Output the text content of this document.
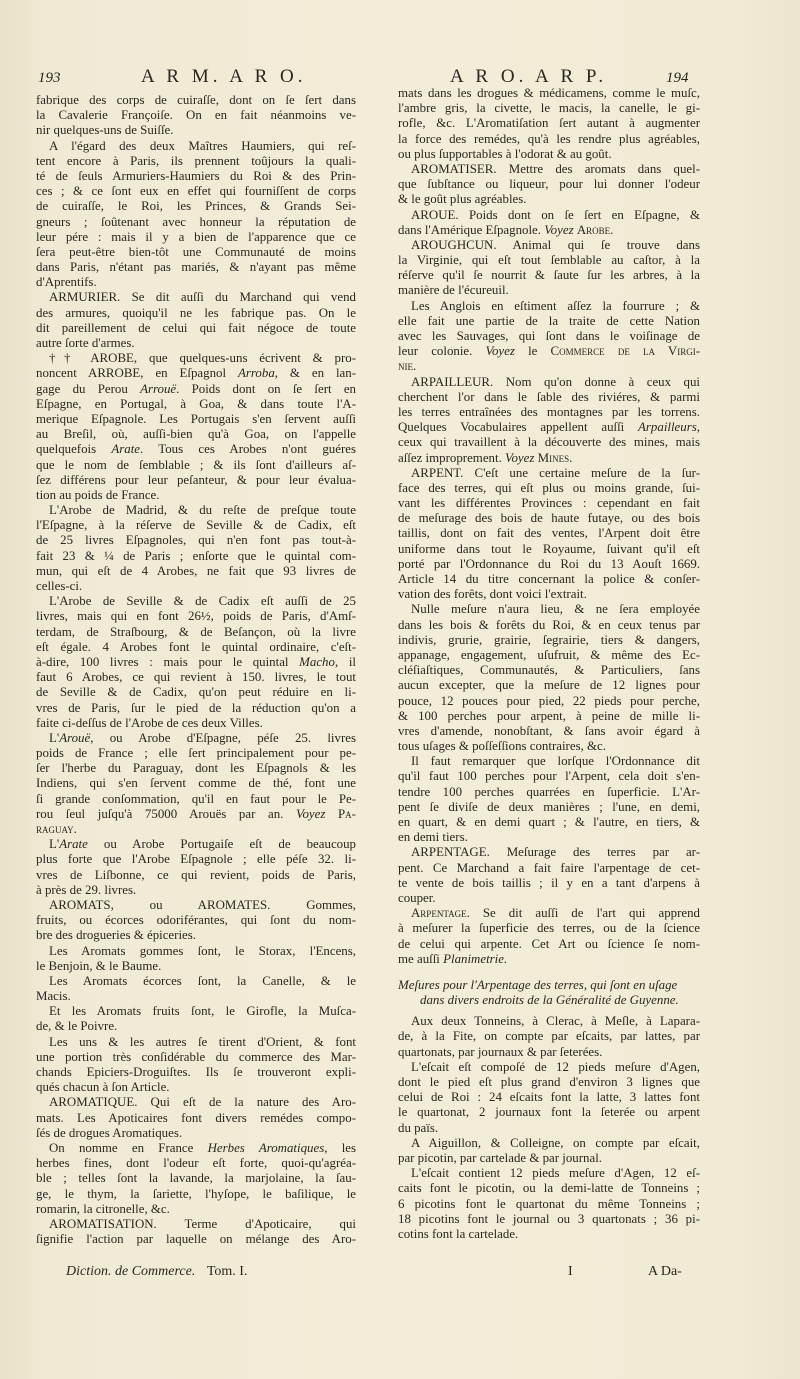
193	A R M. A R O.
fabrique des corps de cuiraſſe, dont on ſe ſert dans
la Cavalerie Françoiſe. On en fait néanmoins ve-
nir quelques-uns de Suiſſe.
A l'égard des deux Maîtres Haumiers, qui reſ-
tent encore à Paris, ils prennent toûjours la quali-
té de ſeuls Armuriers-Haumiers du Roi & des Prin-
ces ; & ce ſont eux en effet qui fourniſſent de corps
de cuiraſſe, le Roi, les Princes, & Grands Sei-
gneurs ; ſoûtenant avec honneur la réputation de
leur pére : mais il y a bien de l'apparence que ce
ſera peut-être bien-tôt une Communauté de moins
dans Paris, n'étant pas mariés, & n'ayant pas même
d'Aprentifs.
ARMURIER. Se dit auſſi du Marchand qui vend
des armures, quoiqu'il ne les fabrique pas. On le
dit pareillement de celui qui fait négoce de toute
autre ſorte d'armes.
†† AROBE, que quelques-uns écrivent & pro-
noncent ARROBE, en Eſpagnol Arroba, & en lan-
gage du Perou Arrouë. Poids dont on ſe ſert en
Eſpagne, en Portugal, à Goa, & dans toute l'A-
merique Eſpagnole. Les Portugais s'en ſervent auſſi
au Breſil, où, auſſi-bien qu'à Goa, on l'appelle
quelquefois Arate. Tous ces Arobes n'ont guéres
que le nom de ſemblable ; & ils ſont d'ailleurs aſ-
ſez différens pour leur peſanteur, & pour leur évalua-
tion au poids de France.
L'Arobe de Madrid, & du reſte de preſque toute
l'Eſpagne, à la réſerve de Seville & de Cadix, eſt
de 25 livres Eſpagnoles, qui n'en font pas tout-à-
fait 23 & ¼ de Paris ; enſorte que le quintal com-
mun, qui eſt de 4 Arobes, ne fait que 93 livres de
celles-ci.
L'Arobe de Seville & de Cadix eſt auſſi de 25
livres, mais qui en font 26½, poids de Paris, d'Amſ-
terdam, de Straſbourg, & de Beſançon, où la livre
eſt égale. 4 Arobes font le quintal ordinaire, c'eſt-
à-dire, 100 livres : mais pour le quintal Macho, il
faut 6 Arobes, ce qui revient à 150. livres, le tout
de Seville & de Cadix, qu'on peut réduire en li-
vres de Paris, ſur le pied de la réduction qu'on a
faite ci-deſſus de l'Arobe de ces deux Villes.
L'Arouë, ou Arobe d'Eſpagne, péſe 25. livres
poids de France ; elle ſert principalement pour pe-
ſer l'herbe du Paraguay, dont les Eſpagnols & les
Indiens, qui s'en ſervent comme de thé, font une
ſi grande conſommation, qu'il en faut pour le Pe-
rou ſeul juſqu'à 75000 Arouës par an. Voyez Pa-
raguay.
L'Arate ou Arobe Portugaiſe eſt de beaucoup
plus forte que l'Arobe Eſpagnole ; elle péſe 32. li-
vres de Liſbonne, ce qui revient, poids de Paris,
à près de 29. livres.
AROMATS, ou AROMATES. Gommes,
fruits, ou écorces odoriférantes, qui ſont du nom-
bre des drogueries & épiceries.
Les Aromats gommes ſont, le Storax, l'Encens,
le Benjoin, & le Baume.
Les Aromats écorces ſont, la Canelle, & le
Macis.
Et les Aromats fruits ſont, le Girofle, la Muſca-
de, & le Poivre.
Les uns & les autres ſe tirent d'Orient, & font
une portion très conſidérable du commerce des Mar-
chands Epiciers-Droguiſtes. Ils ſe trouveront expli-
qués chacun à ſon Article.
AROMATIQUE. Qui eſt de la nature des Aro-
mats. Les Apoticaires font divers remédes compo-
ſés de drogues Aromatiques.
On nomme en France Herbes Aromatiques, les
herbes fines, dont l'odeur eſt forte, quoi-qu'agréa-
ble ; telles ſont la lavande, la marjolaine, la ſau-
ge, le thym, la ſariette, l'hyſope, le baſilique, le
romarin, la citronelle, &c.
AROMATISATION. Terme d'Apoticaire, qui
ſignifie l'action par laquelle on mélange des Aro-
Diction. de Commerce. Tom. I.
A R O. A R P.	194
mats dans les drogues & médicamens, comme le muſc,
l'ambre gris, la civette, le macis, la canelle, le gi-
rofle, &c. L'Aromatiſation ſert autant à augmenter
la force des remédes, qu'à les rendre plus agréables,
ou plus ſupportables à l'odorat & au goût.
AROMATISER. Mettre des aromats dans quel-
que ſubſtance ou liqueur, pour lui donner l'odeur
& le goût plus agréables.
AROUE. Poids dont on ſe ſert en Eſpagne, &
dans l'Amérique Eſpagnole. Voyez Arobe.
AROUGHCUN. Animal qui ſe trouve dans
la Virginie, qui eſt tout ſemblable au caſtor, à la
réſerve qu'il ſe nourrit & ſaute ſur les arbres, à la
manière de l'écureuil.
Les Anglois en eſtiment aſſez la fourrure ; &
elle fait une partie de la traite de cette Nation
avec les Sauvages, qui ſont dans le voiſinage de
leur colonie. Voyez le Commerce de la Virgi-
nie.
ARPAILLEUR. Nom qu'on donne à ceux qui
cherchent l'or dans le ſable des riviéres, & parmi
les terres entraînées des montagnes par les torrens.
Quelques Vocabulaires appellent auſſi Arpailleurs,
ceux qui travaillent à la découverte des mines, mais
aſſez improprement. Voyez Mines.
ARPENT. C'eſt une certaine meſure de la ſur-
face des terres, qui eſt plus ou moins grande, ſui-
vant les différentes Provinces : cependant en fait
de meſurage des bois de haute futaye, ou des bois
taillis, dont on fait des ventes, l'Arpent doit être
uniforme dans tout le Royaume, ſuivant qu'il eſt
porté par l'Ordonnance du Roi du 13 Aouſt 1669.
Article 14 du titre concernant la police & conſer-
vation des forêts, dont voici l'extrait.
Nulle meſure n'aura lieu, & ne ſera employée
dans les bois & forêts du Roi, & en ceux tenus par
indivis, grurie, grairie, ſegrairie, tiers & dangers,
appanage, engagement, uſufruit, & même des Ec-
cléſiaſtiques, Communautés, & Particuliers, ſans
aucun excepter, que la meſure de 12 lignes pour
pouce, 12 pouces pour pied, 22 pieds pour perche,
& 100 perches pour arpent, à peine de mille li-
vres d'amende, nonobſtant, & ſans avoir égard à
tous uſages & poſſeſſions contraires, &c.
Il faut remarquer que lorſque l'Ordonnance dit
qu'il faut 100 perches pour l'Arpent, cela doit s'en-
tendre 100 perches quarrées en ſuperficie. L'Ar-
pent ſe diviſe de deux manières ; l'une, en demi,
en quart, & en demi quart ; & l'autre, en tiers, &
en demi tiers.
ARPENTAGE. Meſurage des terres par ar-
pent. Ce Marchand a fait faire l'arpentage de cet-
te vente de bois taillis ; il y en a tant d'arpens à
couper.
Arpentage. Se dit auſſi de l'art qui apprend
à meſurer la ſuperficie des terres, ou de la ſcience
de celui qui arpente. Cet Art ou ſcience ſe nom-
me auſſi Planimetrie.
Meſures pour l'Arpentage des terres, qui ſont en uſage
dans divers endroits de la Généralité de Guyenne.
Aux deux Tonneins, à Clerac, à Meſle, à Lapara-
de, à la Fite, on compte par eſcaits, par lattes, par
quartonats, par journaux & par ſeterées.
L'eſcait eſt compoſé de 12 pieds meſure d'Agen,
dont le pied eſt plus grand d'environ 3 lignes que
celui de Roi : 24 eſcaits font la latte, 3 lattes font
le quartonat, 2 journaux font la ſeterée ou arpent
du païs.
A Aiguillon, & Colleigne, on compte par eſcait,
par picotin, par cartelade & par journal.
L'eſcait contient 12 pieds meſure d'Agen, 12 eſ-
caits font le picotin, ou la demi-latte de Tonneins ;
6 picotins font le quartonat du même Tonneins ;
18 picotins font le journal ou 3 quartonats ; 36 pi-
cotins font la cartelade.
I	A Da-
